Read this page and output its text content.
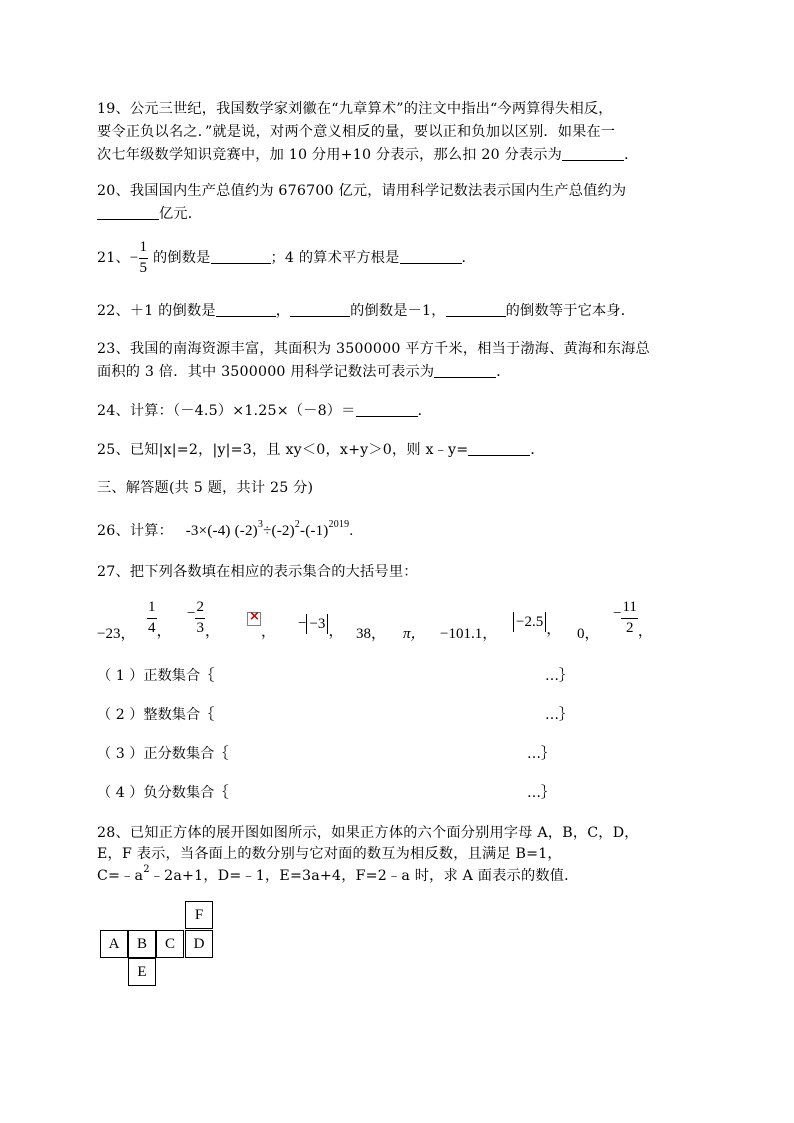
19、公元三世纪，我国数学家刘徽在“九章算术”的注文中指出“今两算得失相反，
要令正负以名之．”就是说，对两个意义相反的量，要以正和负加以区别．如果在一
次七年级数学知识竞赛中，加 10 分用+10 分表示，那么扣 20 分表示为	．
20、我国国内生产总值约为 676700 亿元，请用科学记数法表示国内生产总值约为
亿元．
21、− $\frac{1}{5}$ 的倒数是	；4 的算术平方根是	．
22、＋1 的倒数是	，	的倒数是－1，	的倒数等于它本身．
23、我国的南海资源丰富，其面积为 3500000 平方千米，相当于渤海、黄海和东海总
面积的 3 倍．其中 3500000 用科学记数法可表示为	．
24、计算：（－4.5）×1.25×（－8）＝	．
25、已知|x|=2，|y|=3，且 xy＜0，x+y＞0，则 x﹣y=	．
三、解答题(共 5 题，共计 25 分)
26、计算： -3×(-4) $(-2)^3\div(-2)^2-(-1)^{2019}$.
27、把下列各数填在相应的表示集合的大括号里：
−23， $\frac{1}{4}$ ，
− $\frac{2}{3}$ ，
×	，
− −3 ， 38， π， −101.1，
−2.5 ， 0，
− $\frac{11}{2}$ ，
（ 1 ）正数集合｛	…｝
（ 2 ）整数集合｛	…｝
（ 3 ）正分数集合｛	…｝
（ 4 ）负分数集合｛	…｝
28、已知正方体的展开图如图所示，如果正方体的六个面分别用字母 A，B，C，D，
E，F 表示，当各面上的数分别与它对面的数互为相反数，且满足 B=1，
$C=﹣a^2﹣2a+1$，D=﹣1，E=3a+4，F=2﹣a 时，求 A 面表示的数值．
F
A	B	C	D
E
